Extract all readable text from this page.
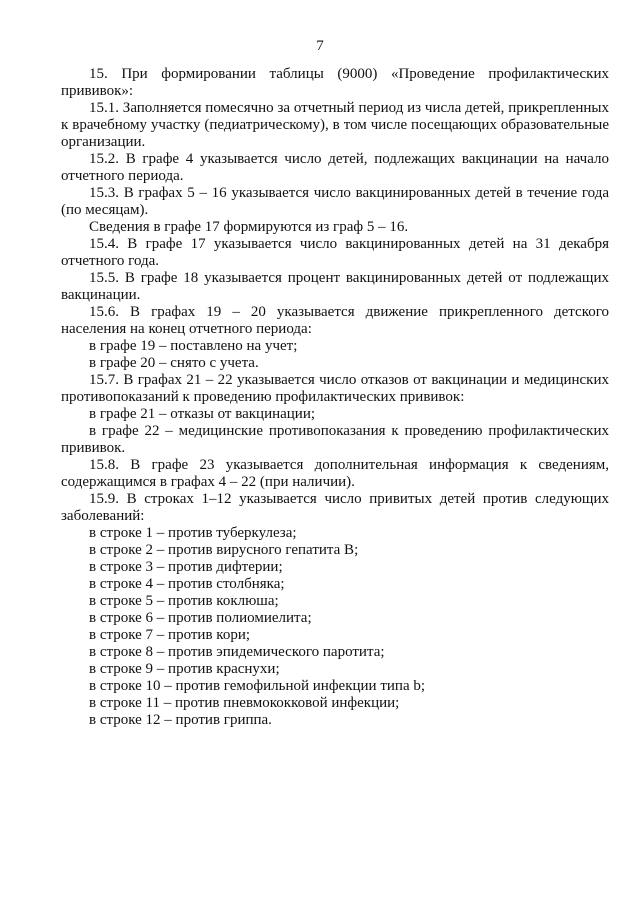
7

15. При формировании таблицы (9000) «Проведение профилактических прививок»:

15.1. Заполняется помесячно за отчетный период из числа детей, прикрепленных к врачебному участку (педиатрическому), в том числе посещающих образовательные организации.

15.2. В графе 4 указывается число детей, подлежащих вакцинации на начало отчетного периода.

15.3. В графах 5 – 16 указывается число вакцинированных детей в течение года (по месяцам).

Сведения в графе 17 формируются из граф 5 – 16.

15.4. В графе 17 указывается число вакцинированных детей на 31 декабря отчетного года.

15.5. В графе 18 указывается процент вакцинированных детей от подлежащих вакцинации.

15.6. В графах 19 – 20 указывается движение прикрепленного детского населения на конец отчетного периода:

в графе 19 – поставлено на учет;

в графе 20 – снято с учета.

15.7. В графах 21 – 22 указывается число отказов от вакцинации и медицинских противопоказаний к проведению профилактических прививок:

в графе 21 – отказы от вакцинации;

в графе 22 – медицинские противопоказания к проведению профилактических прививок.

15.8. В графе 23 указывается дополнительная информация к сведениям, содержащимся в графах 4 – 22 (при наличии).

15.9. В строках 1–12 указывается число привитых детей против следующих заболеваний:

в строке 1 – против туберкулеза;

в строке 2 – против вирусного гепатита В;

в строке 3 – против дифтерии;

в строке 4 – против столбняка;

в строке 5 – против коклюша;

в строке 6 – против полиомиелита;

в строке 7 – против кори;

в строке 8 – против эпидемического паротита;

в строке 9 – против краснухи;

в строке 10 – против гемофильной инфекции типа b;

в строке 11 – против пневмококковой инфекции;

в строке 12 – против гриппа.
